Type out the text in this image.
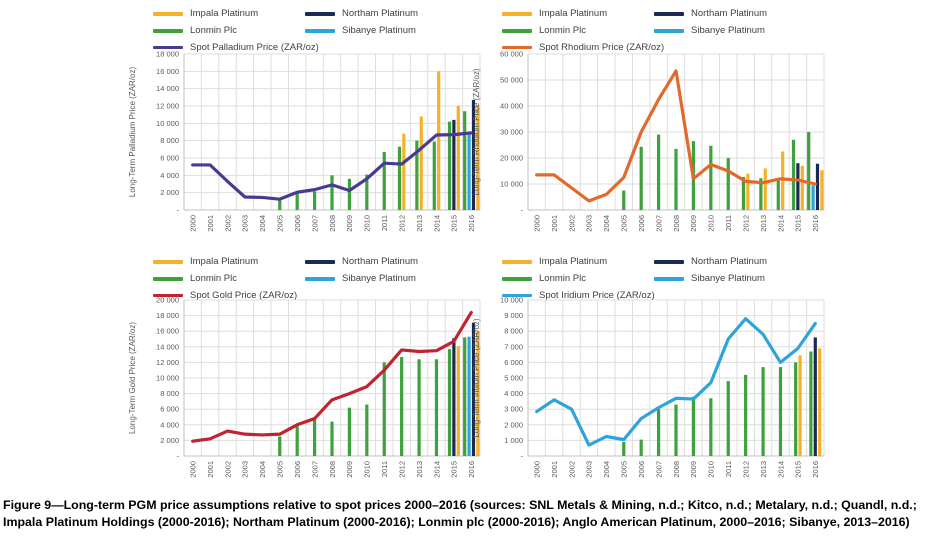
Impala Platinum	Northam Platinum
Lonmin Plc	Sibanye Platinum
Spot Palladium Price (ZAR/oz)
-
2 000
4 000
6 000
8 000
10 000
12 000
14 000
16 000
18 000
2000 2001 2002 2003 2004 2005 2006 2007 2008 2009 2010 2011 2012 2013 2014 2015 2016
Long-Term Palladium Price (ZAR/oz)
Impala Platinum	Northam Platinum
Lonmin Plc	Sibanye Platinum
Spot Rhodium Price (ZAR/oz)
-
10 000
20 000
30 000
40 000
50 000
60 000
2000 2001 2002 2003 2004 2005 2006 2007 2008 2009 2010 2011 2012 2013 2014 2015 2016
Long-Term Rhodium Price (ZAR/oz)
Impala Platinum	Northam Platinum
Lonmin Plc	Sibanye Platinum
Spot Gold Price (ZAR/oz)
-
2 000
4 000
6 000
8 000
10 000
12 000
14 000
16 000
18 000
20 000
2000 2001 2002 2003 2004 2005 2006 2007 2008 2009 2010 2011 2012 2013 2014 2015 2016
Long-Term Gold Price (ZAR/oz)
Impala Platinum	Northam Platinum
Lonmin Plc	Sibanye Platinum
Spot Iridium Price (ZAR/oz)
-
1 000
2 000
3 000
4 000
5 000
6 000
7 000
8 000
9 000
10 000
2000 2001 2002 2003 2004 2005 2006 2007 2008 2009 2010 2011 2012 2013 2014 2015 2016
Long-Term Iridium Price (ZAR/oz)
Figure 9—Long-term PGM price assumptions relative to spot prices 2000–2016 (sources: SNL Metals & Mining, n.d.; Kitco, n.d.; Metalary, n.d.; Quandl, n.d.;
Impala Platinum Holdings (2000-2016); Northam Platinum (2000-2016); Lonmin plc (2000-2016); Anglo American Platinum, 2000–2016; Sibanye, 2013–2016)
